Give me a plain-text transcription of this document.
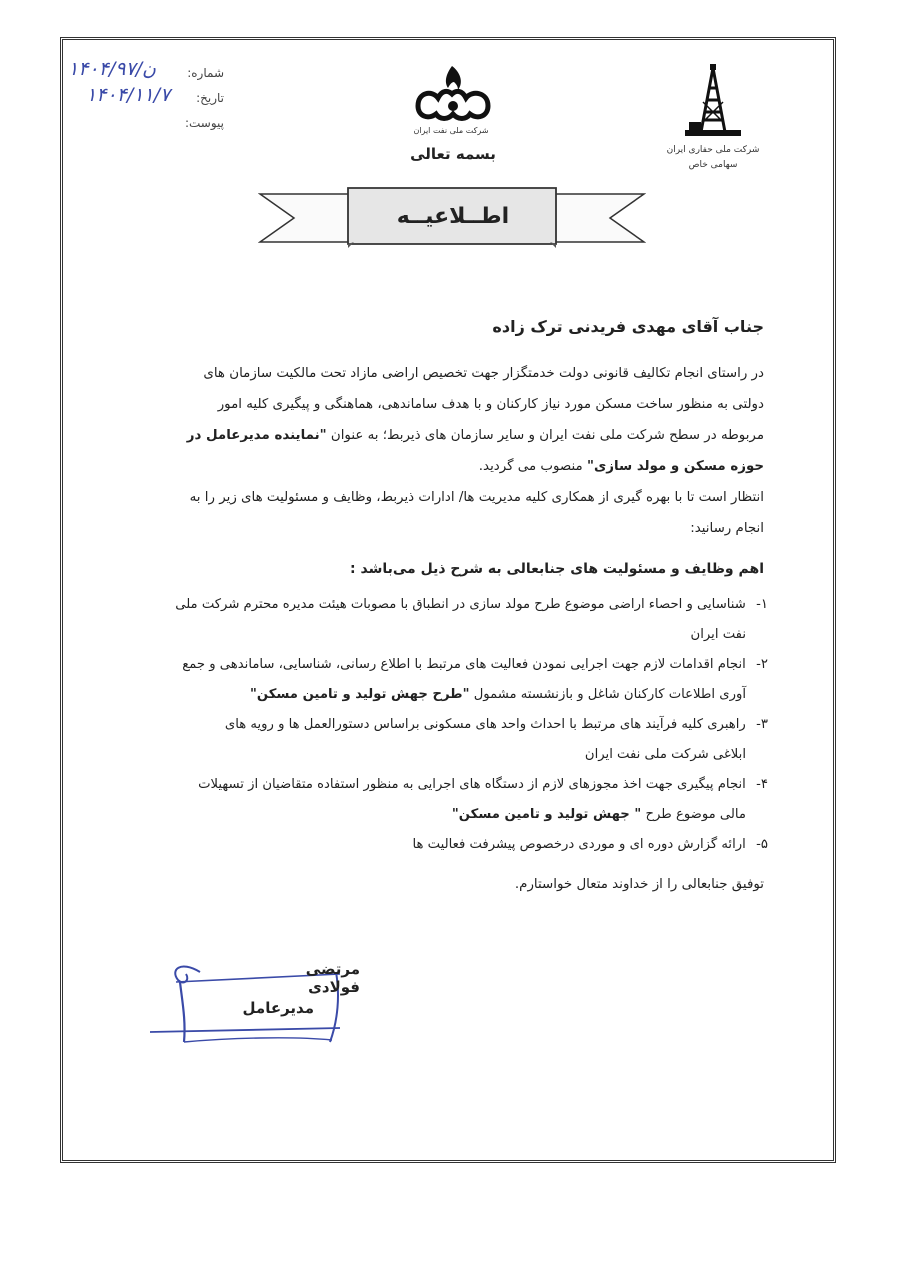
شماره:
۱۴۰۴/ن/۹۷
تاریخ:
۱۴۰۴/۱۱/۷
پیوست:
شرکت ملی نفت ایران
بسمه تعالی	شرکت ملی حفاری ایران
سهامی خاص
اطــلاعیــه
جناب آقای مهدی فریدنی ترک زاده
در راستای انجام تکالیف قانونی دولت خدمتگزار جهت تخصیص اراضی مازاد تحت مالکیت سازمان های
دولتی به منظور ساخت مسکن مورد نیاز کارکنان و با هدف ساماندهی، هماهنگی و پیگیری کلیه امور
مربوطه در سطح شرکت ملی نفت ایران و سایر سازمان های ذیربط؛ به عنوان "نماینده مدیرعامل در
حوزه مسکن و مولد سازی" منصوب می گردید.
انتظار است تا با بهره گیری از همکاری کلیه مدیریت ها/ ادارات ذیربط، وظایف و مسئولیت های زیر را به
انجام رسانید:
اهم وظایف و مسئولیت های جنابعالی به شرح ذیل می‌باشد :
۱- شناسایی و احصاء اراضی موضوع طرح مولد سازی در انطباق با مصوبات هیئت مدیره محترم شرکت ملی
نفت ایران
۲- انجام اقدامات لازم جهت اجرایی نمودن فعالیت های مرتبط با اطلاع رسانی، شناسایی، ساماندهی و جمع
آوری اطلاعات کارکنان شاغل و بازنشسته مشمول "طرح جهش تولید و تامین مسکن"
۳- راهبری کلیه فرآیند های مرتبط با احداث واحد های مسکونی براساس دستورالعمل ها و رویه های
ابلاغی شرکت ملی نفت ایران
۴- انجام پیگیری جهت اخذ مجوزهای لازم از دستگاه های اجرایی به منظور استفاده متقاضیان از تسهیلات
مالی موضوع طرح " جهش تولید و تامین مسکن"
۵- ارائه گزارش دوره ای و موردی درخصوص پیشرفت فعالیت ها
توفیق جنابعالی را از خداوند متعال خواستارم.
مرتضی فولادی
مدیرعامل
